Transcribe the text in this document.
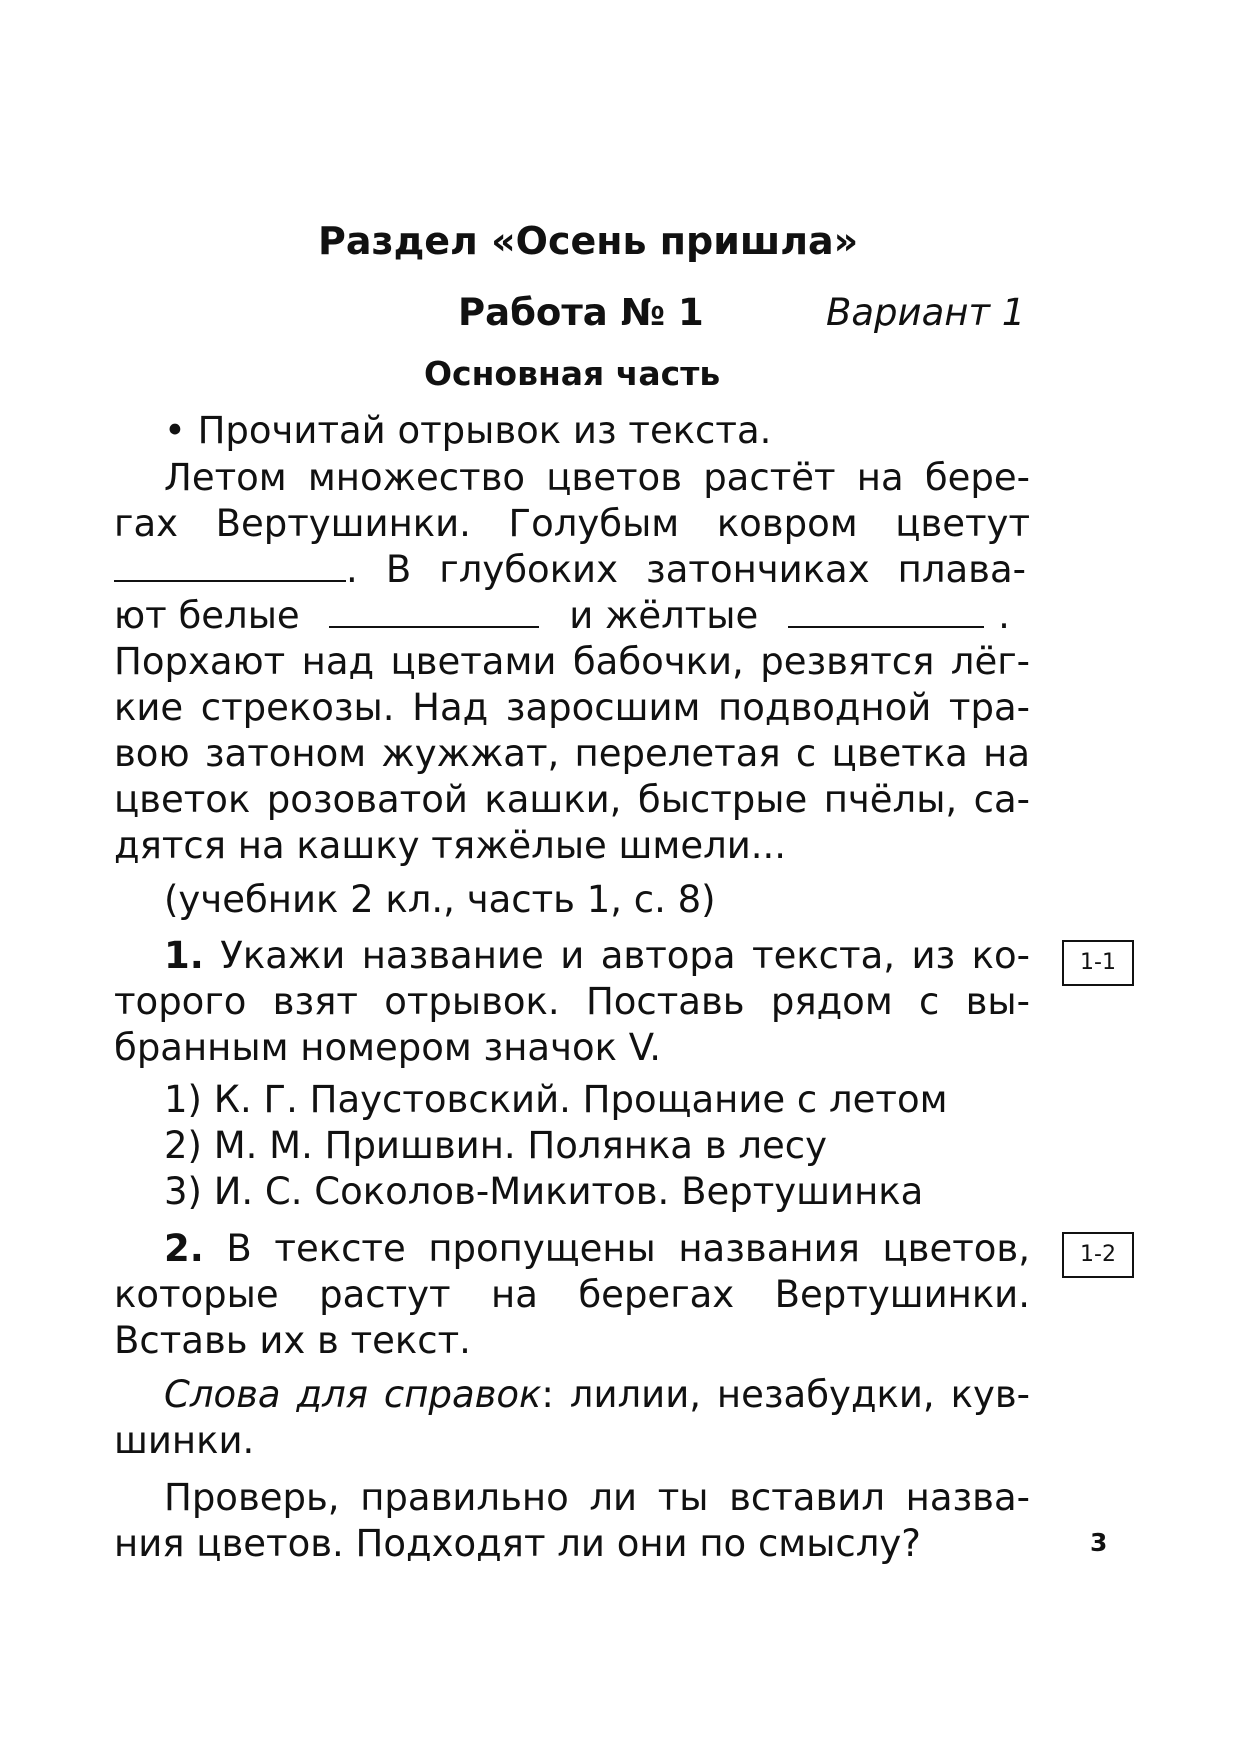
Раздел «Осень пришла»
Работа № 1	Вариант 1
Основная часть
• Прочитай отрывок из текста.
Летом множество цветов растёт на бере-
гах Вертушинки. Голубым ковром цветут
. В глубоких затончиках плава-
ют белые	и жёлтые	.
Порхают над цветами бабочки, резвятся лёг-
кие стрекозы. Над заросшим подводной тра-
вою затоном жужжат, перелетая с цветка на
цветок розоватой кашки, быстрые пчёлы, са-
дятся на кашку тяжёлые шмели...
(учебник 2 кл., часть 1, с. 8)
1. Укажи название и автора текста, из ко-
торого взят отрывок. Поставь рядом с вы-
бранным номером значок V.
1-1
1) К. Г. Паустовский. Прощание с летом
2) М. М. Пришвин. Полянка в лесу
3) И. С. Соколов-Микитов. Вертушинка
2. В тексте пропущены названия цветов,
которые растут на берегах Вертушинки.
Вставь их в текст.
1-2
Слова для справок: лилии, незабудки, кув-
шинки.
Проверь, правильно ли ты вставил назва-
ния цветов. Подходят ли они по смыслу?	3
